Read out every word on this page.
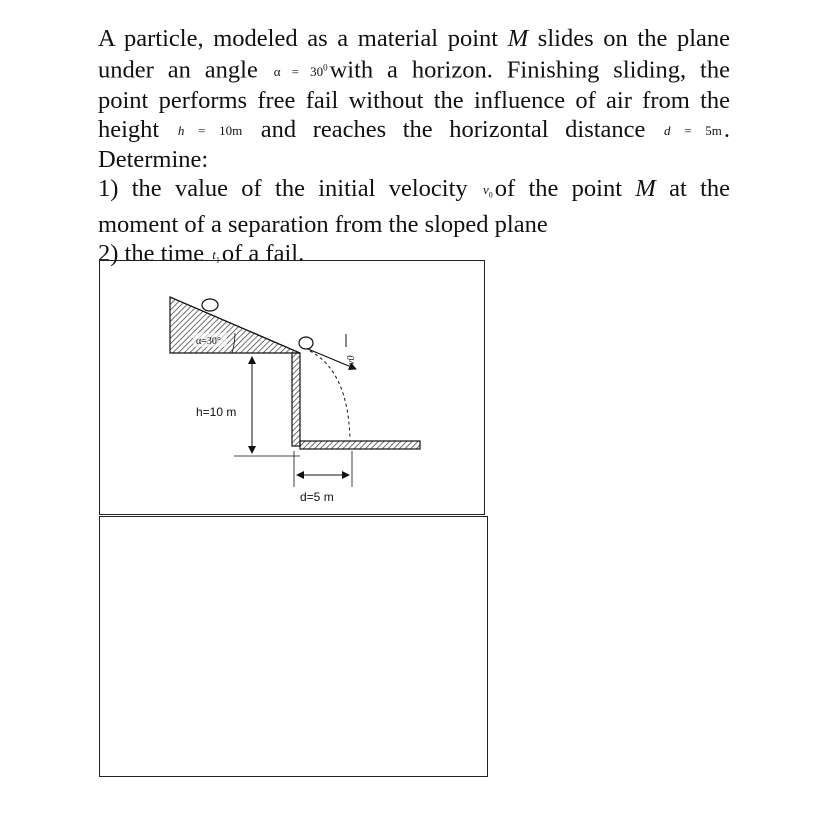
A particle, modeled as a material point M slides on the plane

under an angle $\alpha = 30^0with$ a horizon. Finishing sliding, the

point performs free fail without the influence of air from the

height h = 10m and reaches the horizontal distance d = 5m.

Determine:

1) the value of the initial velocity $v_0of$ the point M at the

moment of a separation from the sloped plane

2) the time $t_1of$ a fail.

α=30°
v0
h=10 m
d=5 m
